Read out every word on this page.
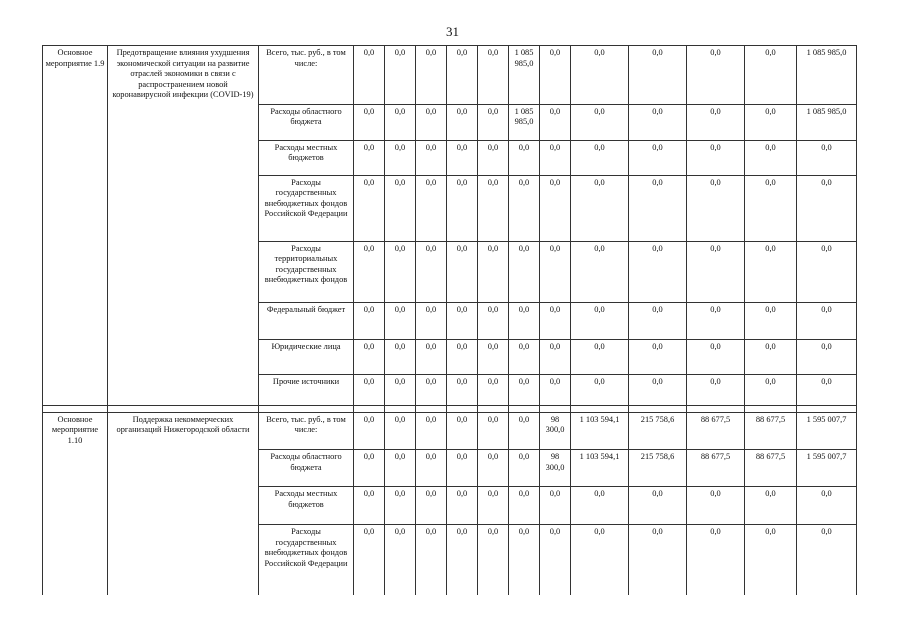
31
Основное мероприятие 1.9	Предотвращение влияния ухудшения экономической ситуации на развитие отраслей экономики в связи с распространением новой коронавирусной инфекции (COVID-19)	Всего, тыс. руб., в том числе:	0,0	0,0	0,0	0,0	0,0	1 085 985,0	0,0	0,0	0,0	0,0	0,0	1 085 985,0
		Расходы областного бюджета	0,0	0,0	0,0	0,0	0,0	1 085 985,0	0,0	0,0	0,0	0,0	0,0	1 085 985,0
		Расходы местных бюджетов	0,0	0,0	0,0	0,0	0,0	0,0	0,0	0,0	0,0	0,0	0,0	0,0
		Расходы государственных внебюджетных фондов Российской Федерации	0,0	0,0	0,0	0,0	0,0	0,0	0,0	0,0	0,0	0,0	0,0	0,0
		Расходы территориальных государственных внебюджетных фондов	0,0	0,0	0,0	0,0	0,0	0,0	0,0	0,0	0,0	0,0	0,0	0,0
		Федеральный бюджет	0,0	0,0	0,0	0,0	0,0	0,0	0,0	0,0	0,0	0,0	0,0	0,0
		Юридические лица	0,0	0,0	0,0	0,0	0,0	0,0	0,0	0,0	0,0	0,0	0,0	0,0
		Прочие источники	0,0	0,0	0,0	0,0	0,0	0,0	0,0	0,0	0,0	0,0	0,0	0,0

Основное мероприятие 1.10	Поддержка некоммерческих организаций Нижегородской области	Всего, тыс. руб., в том числе:	0,0	0,0	0,0	0,0	0,0	0,0	98 300,0	1 103 594,1	215 758,6	88 677,5	88 677,5	1 595 007,7
		Расходы областного бюджета	0,0	0,0	0,0	0,0	0,0	0,0	98 300,0	1 103 594,1	215 758,6	88 677,5	88 677,5	1 595 007,7
		Расходы местных бюджетов	0,0	0,0	0,0	0,0	0,0	0,0	0,0	0,0	0,0	0,0	0,0	0,0
		Расходы государственных внебюджетных фондов Российской Федерации	0,0	0,0	0,0	0,0	0,0	0,0	0,0	0,0	0,0	0,0	0,0	0,0
